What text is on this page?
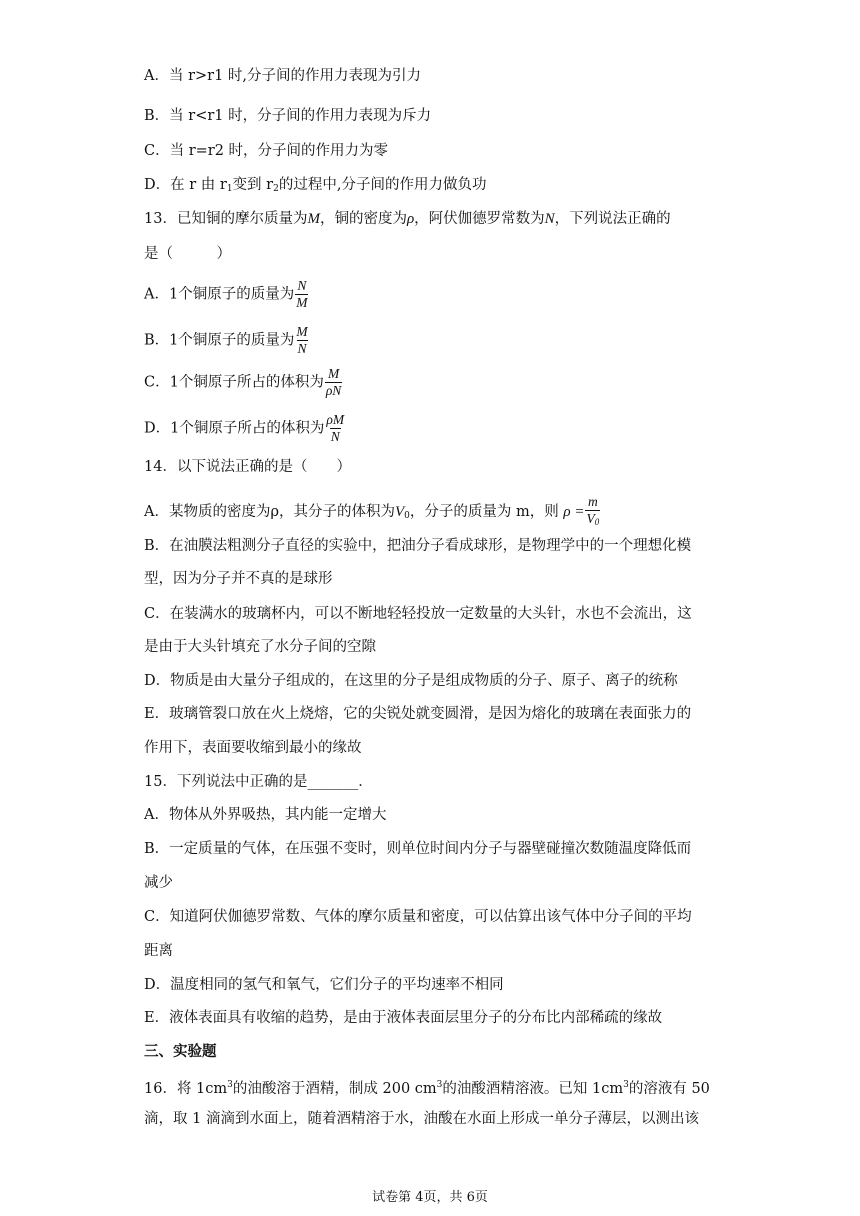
A．当 r>r1 时,分子间的作用力表现为引力
B．当 r<r1 时，分子间的作用力表现为斥力
C．当 r=r2 时，分子间的作用力为零
D．在 r 由 $r_1$变到 $r_2$的过程中,分子间的作用力做负功
13．已知铜的摩尔质量为M，铜的密度为ρ，阿伏伽德罗常数为N，下列说法正确的
是（　　　）
A．1个铜原子的质量为 $\frac{N}{M}$
B．1个铜原子的质量为 $\frac{M}{N}$
C．1个铜原子所占的体积为 $\frac{M}{\rho N}$
D．1个铜原子所占的体积为 $\frac{\rho M}{N}$
14．以下说法正确的是（　　）
A．某物质的密度为ρ，其分子的体积为$V_0$，分子的质量为 m，则 $\rho = \frac{m}{V_0}$
B．在油膜法粗测分子直径的实验中，把油分子看成球形，是物理学中的一个理想化模
型，因为分子并不真的是球形
C．在装满水的玻璃杯内，可以不断地轻轻投放一定数量的大头针，水也不会流出，这
是由于大头针填充了水分子间的空隙
D．物质是由大量分子组成的，在这里的分子是组成物质的分子、原子、离子的统称
E．玻璃管裂口放在火上烧熔，它的尖锐处就变圆滑，是因为熔化的玻璃在表面张力的
作用下，表面要收缩到最小的缘故
15．下列说法中正确的是_______．
A．物体从外界吸热，其内能一定增大
B．一定质量的气体，在压强不变时，则单位时间内分子与器壁碰撞次数随温度降低而
减少
C．知道阿伏伽德罗常数、气体的摩尔质量和密度，可以估算出该气体中分子间的平均
距离
D．温度相同的氢气和氧气，它们分子的平均速率不相同
E．液体表面具有收缩的趋势，是由于液体表面层里分子的分布比内部稀疏的缘故
三、实验题
16．将 $1cm^3$的油酸溶于酒精，制成 200 $cm^3$的油酸酒精溶液。已知 $1cm^3$的溶液有 50
滴，取 1 滴滴到水面上，随着酒精溶于水，油酸在水面上形成一单分子薄层，以测出该
试卷第 4页，共 6页
